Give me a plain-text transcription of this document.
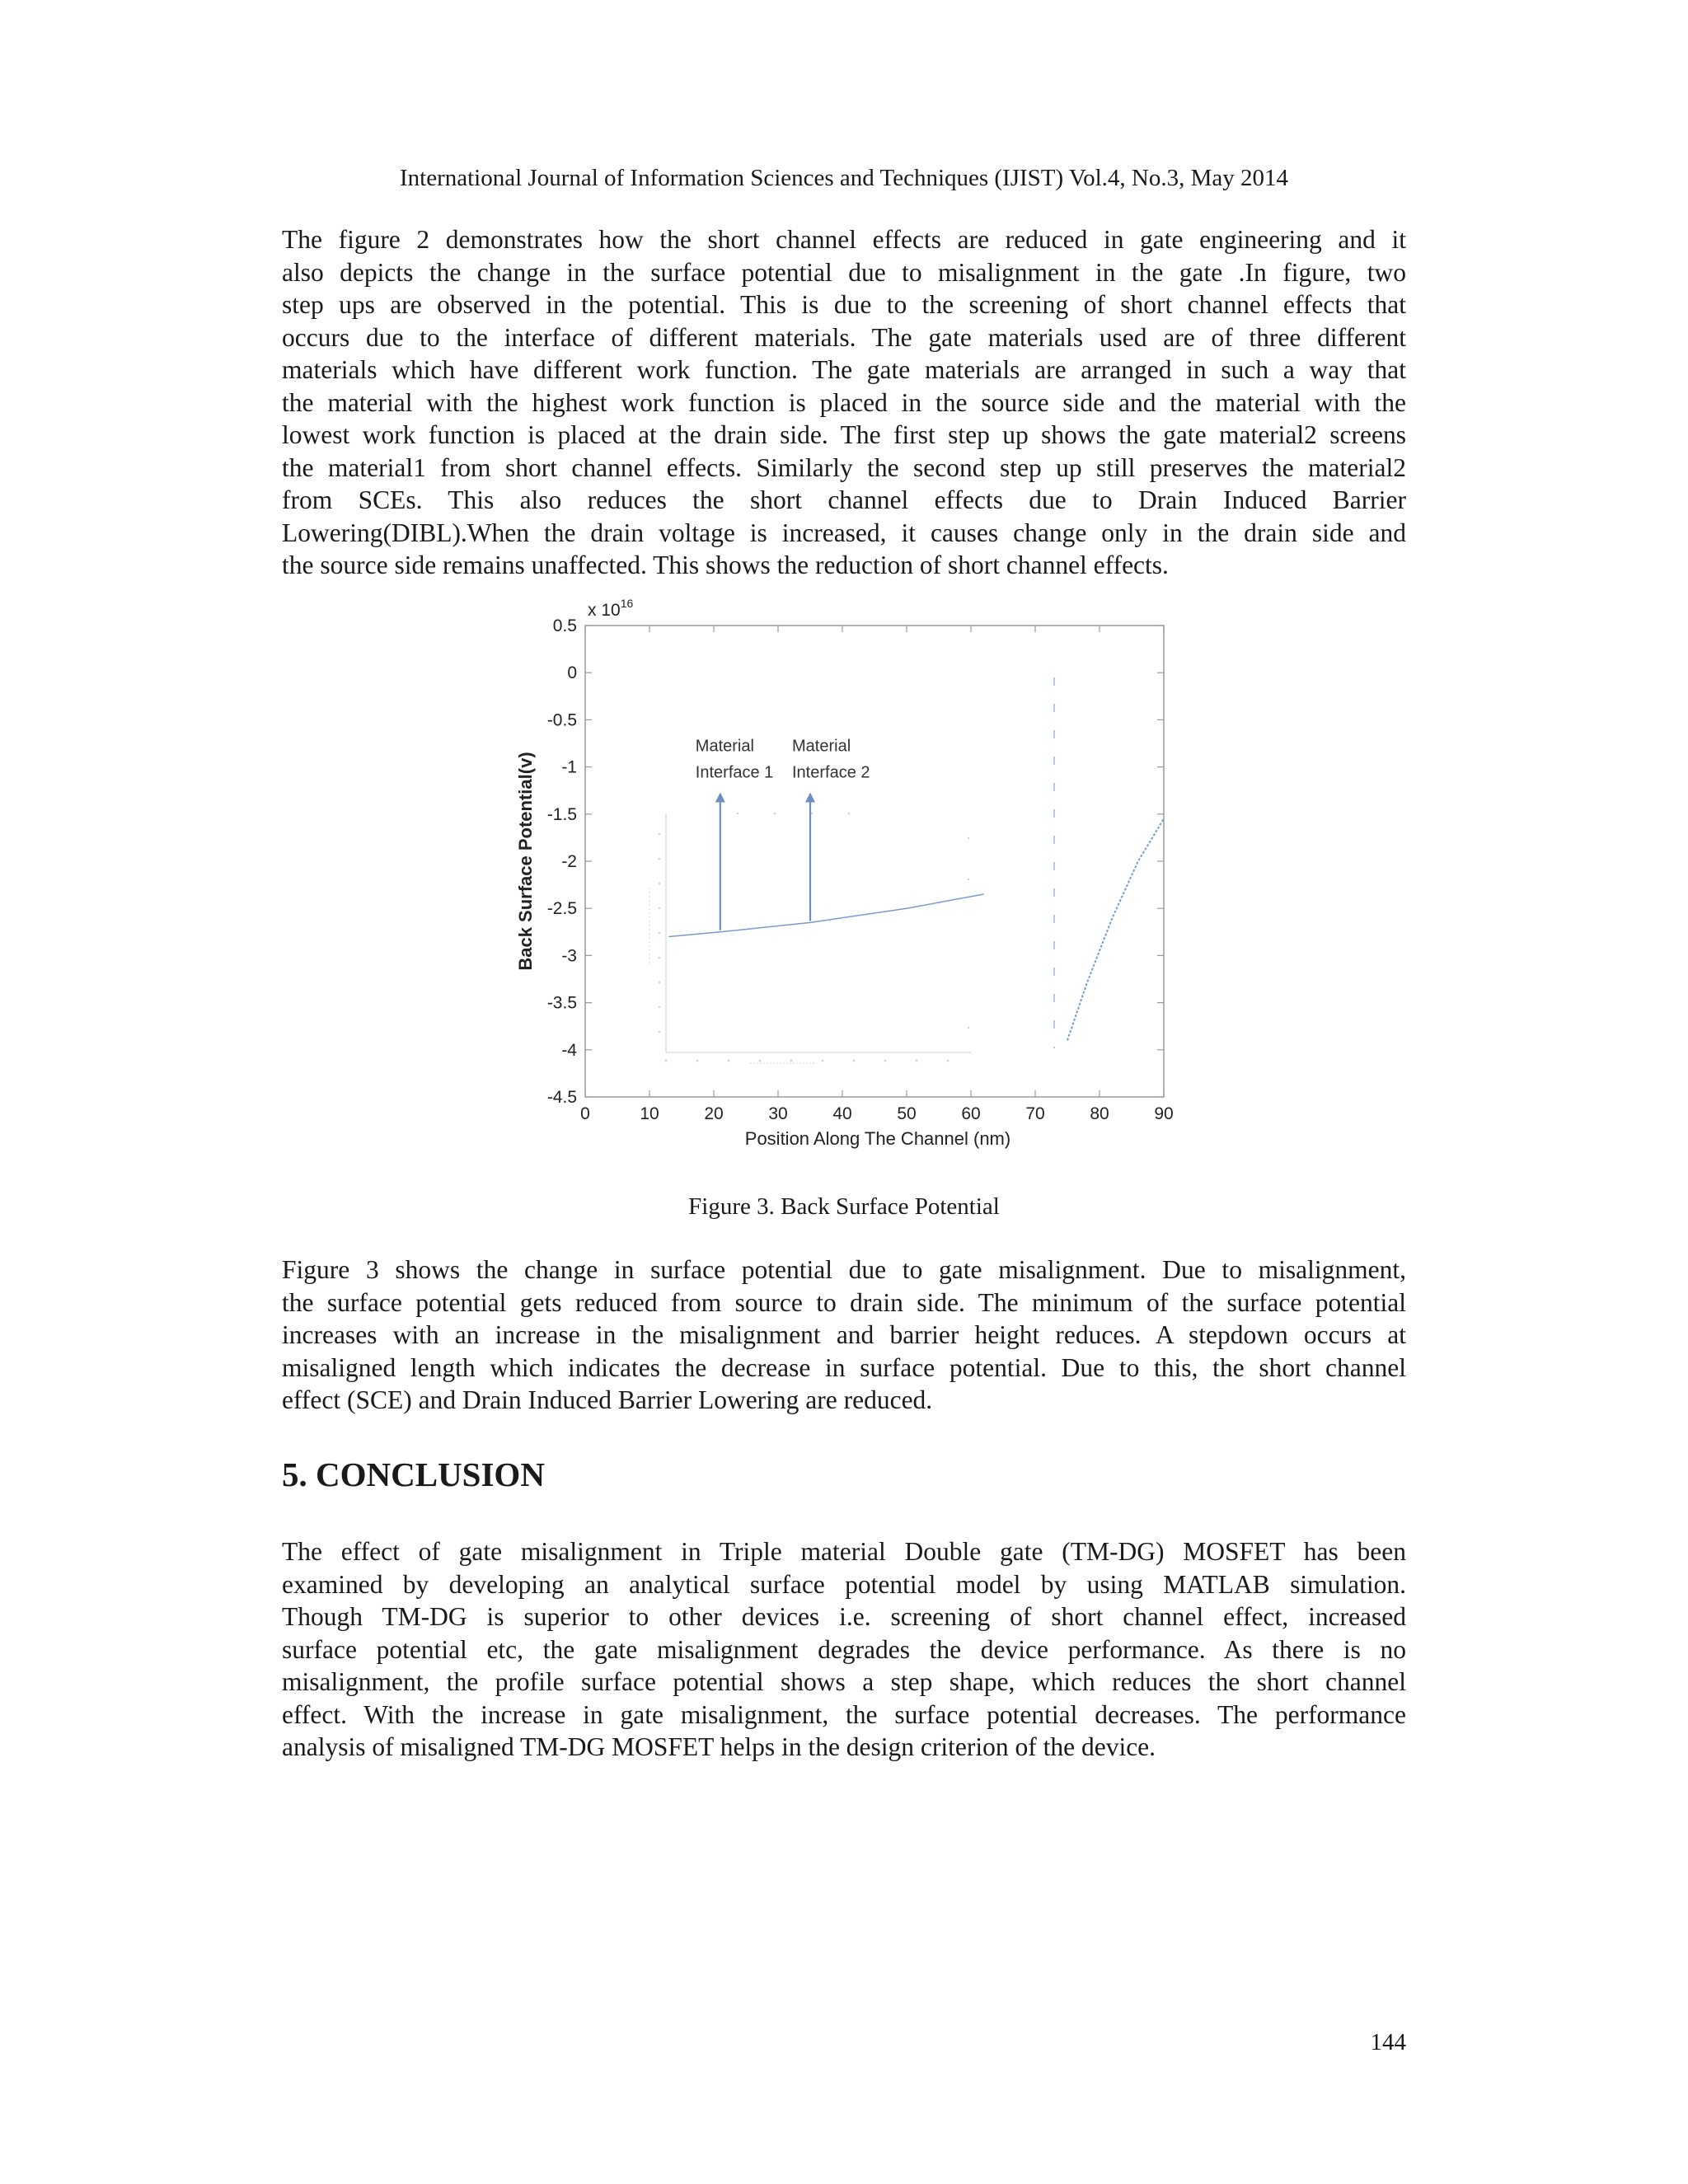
International Journal of Information Sciences and Techniques (IJIST) Vol.4, No.3, May 2014
The figure 2 demonstrates how the short channel effects are reduced in gate engineering and it
also depicts the change in the surface potential due to misalignment in the gate .In figure, two
step ups are observed in the potential. This is due to the screening of short channel effects that
occurs due to the interface of different materials. The gate materials used are of three different
materials which have different work function. The gate materials are arranged in such a way that
the material with the highest work function is placed in the source side and the material with the
lowest work function is placed at the drain side. The first step up shows the gate material2 screens
the material1 from short channel effects. Similarly the second step up still preserves the material2
from SCEs. This also reduces the short channel effects due to Drain Induced Barrier
Lowering(DIBL).When the drain voltage is increased, it causes change only in the drain side and
the source side remains unaffected. This shows the reduction of short channel effects.
0.5
0
-0.5
-1
-1.5
-2
-2.5
-3
-3.5
-4
-4.5
0	10	20	30	40	50	60	70	80	90
x $10^{16}$
Back Surface Potential(v)
Position Along The Channel (nm)
Material
Interface 1
Material
Interface 2
Figure 3. Back Surface Potential
Figure 3 shows the change in surface potential due to gate misalignment. Due to misalignment,
the surface potential gets reduced from source to drain side. The minimum of the surface potential
increases with an increase in the misalignment and barrier height reduces. A stepdown occurs at
misaligned length which indicates the decrease in surface potential. Due to this, the short channel
effect (SCE) and Drain Induced Barrier Lowering are reduced.
5. CONCLUSION
The effect of gate misalignment in Triple material Double gate (TM-DG) MOSFET has been
examined by developing an analytical surface potential model by using MATLAB simulation.
Though TM-DG is superior to other devices i.e. screening of short channel effect, increased
surface potential etc, the gate misalignment degrades the device performance. As there is no
misalignment, the profile surface potential shows a step shape, which reduces the short channel
effect. With the increase in gate misalignment, the surface potential decreases. The performance
analysis of misaligned TM-DG MOSFET helps in the design criterion of the device.
144
